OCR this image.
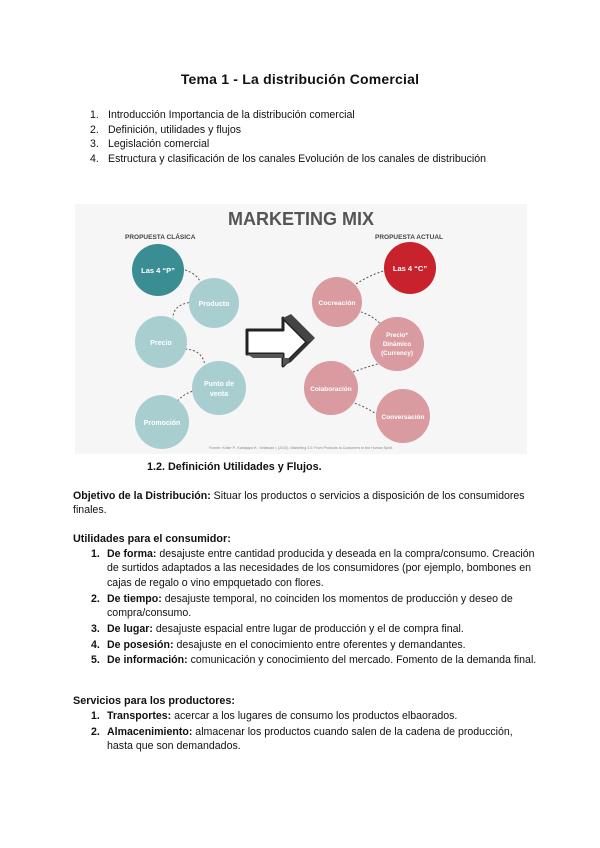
Tema 1 - La distribución Comercial
1. Introducción Importancia de la distribución comercial
2. Definición, utilidades y flujos
3. Legislación comercial
4. Estructura y clasificación de los canales Evolución de los canales de distribución
MARKETING MIX
PROPUESTA CLÁSICA	PROPUESTA ACTUAL
Las 4 “P”
Producto
Precio
Punto de
venta
Promoción
Las 4 “C”
Cocreación
Precio*
Dinámico
(Currency)
Colaboración
Conversación
Fuente: Kotler P., Kartajaya H., Setiawan I. (2010). Marketing 3.0: From Products to Customers to the Human Spirit.
1.2. Definición Utilidades y Flujos.
Objetivo de la Distribución: Situar los productos o servicios a disposición de los consumidores finales.
Utilidades para el consumidor:
1. De forma: desajuste entre cantidad producida y deseada en la compra/consumo. Creación de surtidos adaptados a las necesidades de los consumidores (por ejemplo, bombones en cajas de regalo o vino empquetado con flores.
2. De tiempo: desajuste temporal, no coinciden los momentos de producción y deseo de compra/consumo.
3. De lugar: desajuste espacial entre lugar de producción y el de compra final.
4. De posesión: desajuste en el conocimiento entre oferentes y demandantes.
5. De información: comunicación y conocimiento del mercado. Fomento de la demanda final.
Servicios para los productores:
1. Transportes: acercar a los lugares de consumo los productos elbaorados.
2. Almacenimiento: almacenar los productos cuando salen de la cadena de producción, hasta que son demandados.
